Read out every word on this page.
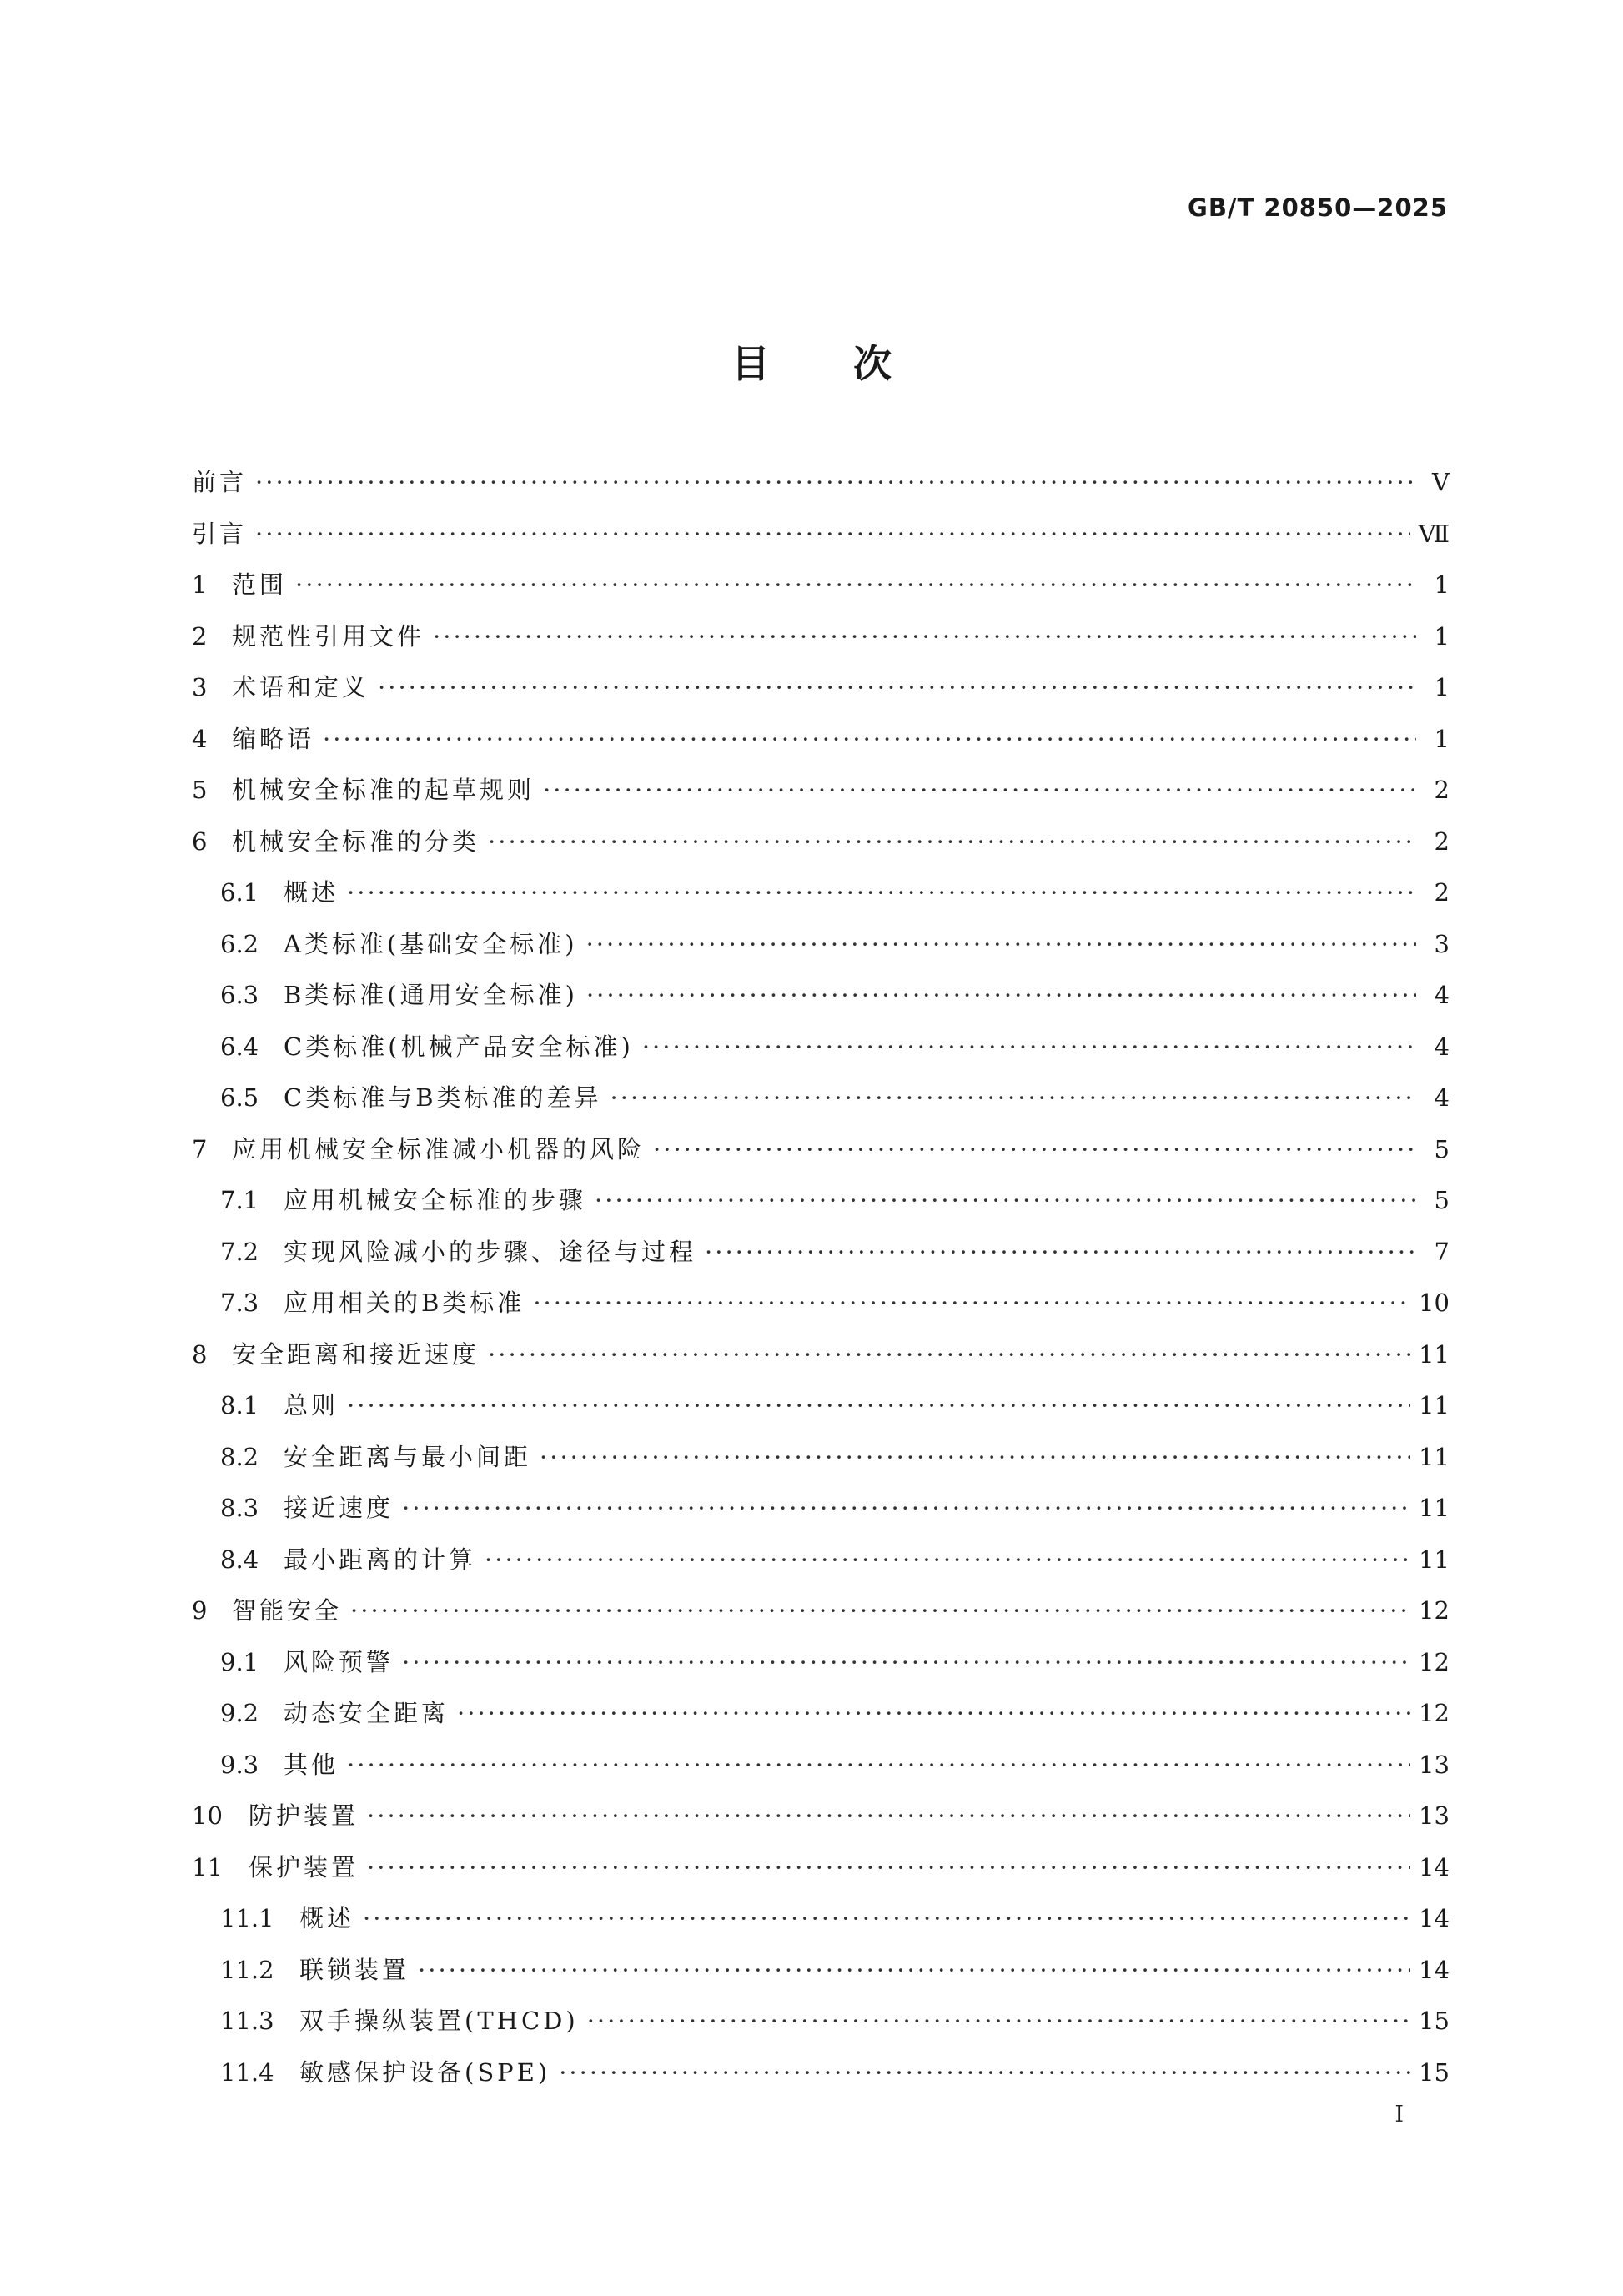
GB/T 20850—2025
目次
前言 ·····	Ⅴ
引言 ·····	Ⅶ
1	范围 ·····	1
2	规范性引用文件 ·····	1
3	术语和定义 ·····	1
4	缩略语 ·····	1
5	机械安全标准的起草规则 ·····	2
6	机械安全标准的分类 ·····	2
6.1	概述 ·····	2
6.2	A类标准(基础安全标准) ·····	3
6.3	B类标准(通用安全标准) ·····	4
6.4	C类标准(机械产品安全标准) ·····	4
6.5	C类标准与B类标准的差异 ·····	4
7	应用机械安全标准减小机器的风险 ·····	5
7.1	应用机械安全标准的步骤 ·····	5
7.2	实现风险减小的步骤、途径与过程 ·····	7
7.3	应用相关的B类标准 ·····	10
8	安全距离和接近速度 ·····	11
8.1	总则 ·····	11
8.2	安全距离与最小间距 ·····	11
8.3	接近速度 ·····	11
8.4	最小距离的计算 ·····	11
9	智能安全 ·····	12
9.1	风险预警 ·····	12
9.2	动态安全距离 ·····	12
9.3	其他 ·····	13
10	防护装置 ·····	13
11	保护装置 ·····	14
11.1	概述 ·····	14
11.2	联锁装置 ·····	14
11.3	双手操纵装置(THCD) ·····	15
11.4	敏感保护设备(SPE) ·····	15
I
